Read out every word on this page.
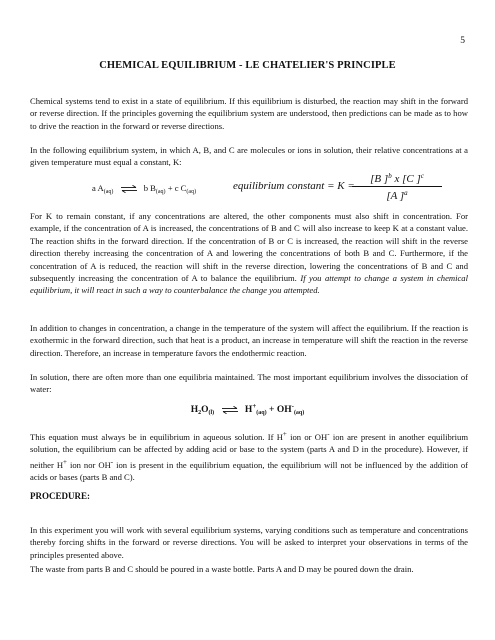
5
CHEMICAL EQUILIBRIUM - LE CHATELIER'S PRINCIPLE
Chemical systems tend to exist in a state of equilibrium. If this equilibrium is disturbed, the reaction may shift in the forward or reverse direction. If the principles governing the equilibrium system are understood, then predictions can be made as to how to drive the reaction in the forward or reverse directions.
In the following equilibrium system, in which A, B, and C are molecules or ions in solution, their relative concentrations at a given temperature must equal a constant, K:
a $A_{(aq)}$ ⇌ b $B_{(aq)} + c$ $C_{(aq)}$	equilibrium constant = K =
$\frac{[B ]^b x [C ]^c}{[A ]^a}$
For K to remain constant, if any concentrations are altered, the other components must also shift in concentration. For example, if the concentration of A is increased, the concentrations of B and C will also increase to keep K at a constant value. The reaction shifts in the forward direction. If the concentration of B or C is increased, the reaction will shift in the reverse direction thereby increasing the concentration of A and lowering the concentrations of both B and C. Furthermore, if the concentration of A is reduced, the reaction will shift in the reverse direction, lowering the concentrations of B and C and subsequently increasing the concentration of A to balance the equilibrium. If you attempt to change a system in chemical equilibrium, it will react in such a way to counterbalance the change you attempted.
In addition to changes in concentration, a change in the temperature of the system will affect the equilibrium. If the reaction is exothermic in the forward direction, such that heat is a product, an increase in temperature will shift the reaction in the reverse direction. Therefore, an increase in temperature favors the endothermic reaction.
In solution, there are often more than one equilibria maintained. The most important equilibrium involves the dissociation of water:
$H_2O_{(l)}$ ⇌ $H^+_{(aq)} + OH^-_{(aq)}$
This equation must always be in equilibrium in aqueous solution. If H+ ion or OH- ion are present in another equilibrium solution, the equilibrium can be affected by adding acid or base to the system (parts A and D in the procedure). However, if neither H+ ion nor OH- ion is present in the equilibrium equation, the equilibrium will not be influenced by the addition of acids or bases (parts B and C).
PROCEDURE:
In this experiment you will work with several equilibrium systems, varying conditions such as temperature and concentrations thereby forcing shifts in the forward or reverse directions. You will be asked to interpret your observations in terms of the principles presented above.
The waste from parts B and C should be poured in a waste bottle. Parts A and D may be poured down the drain.
